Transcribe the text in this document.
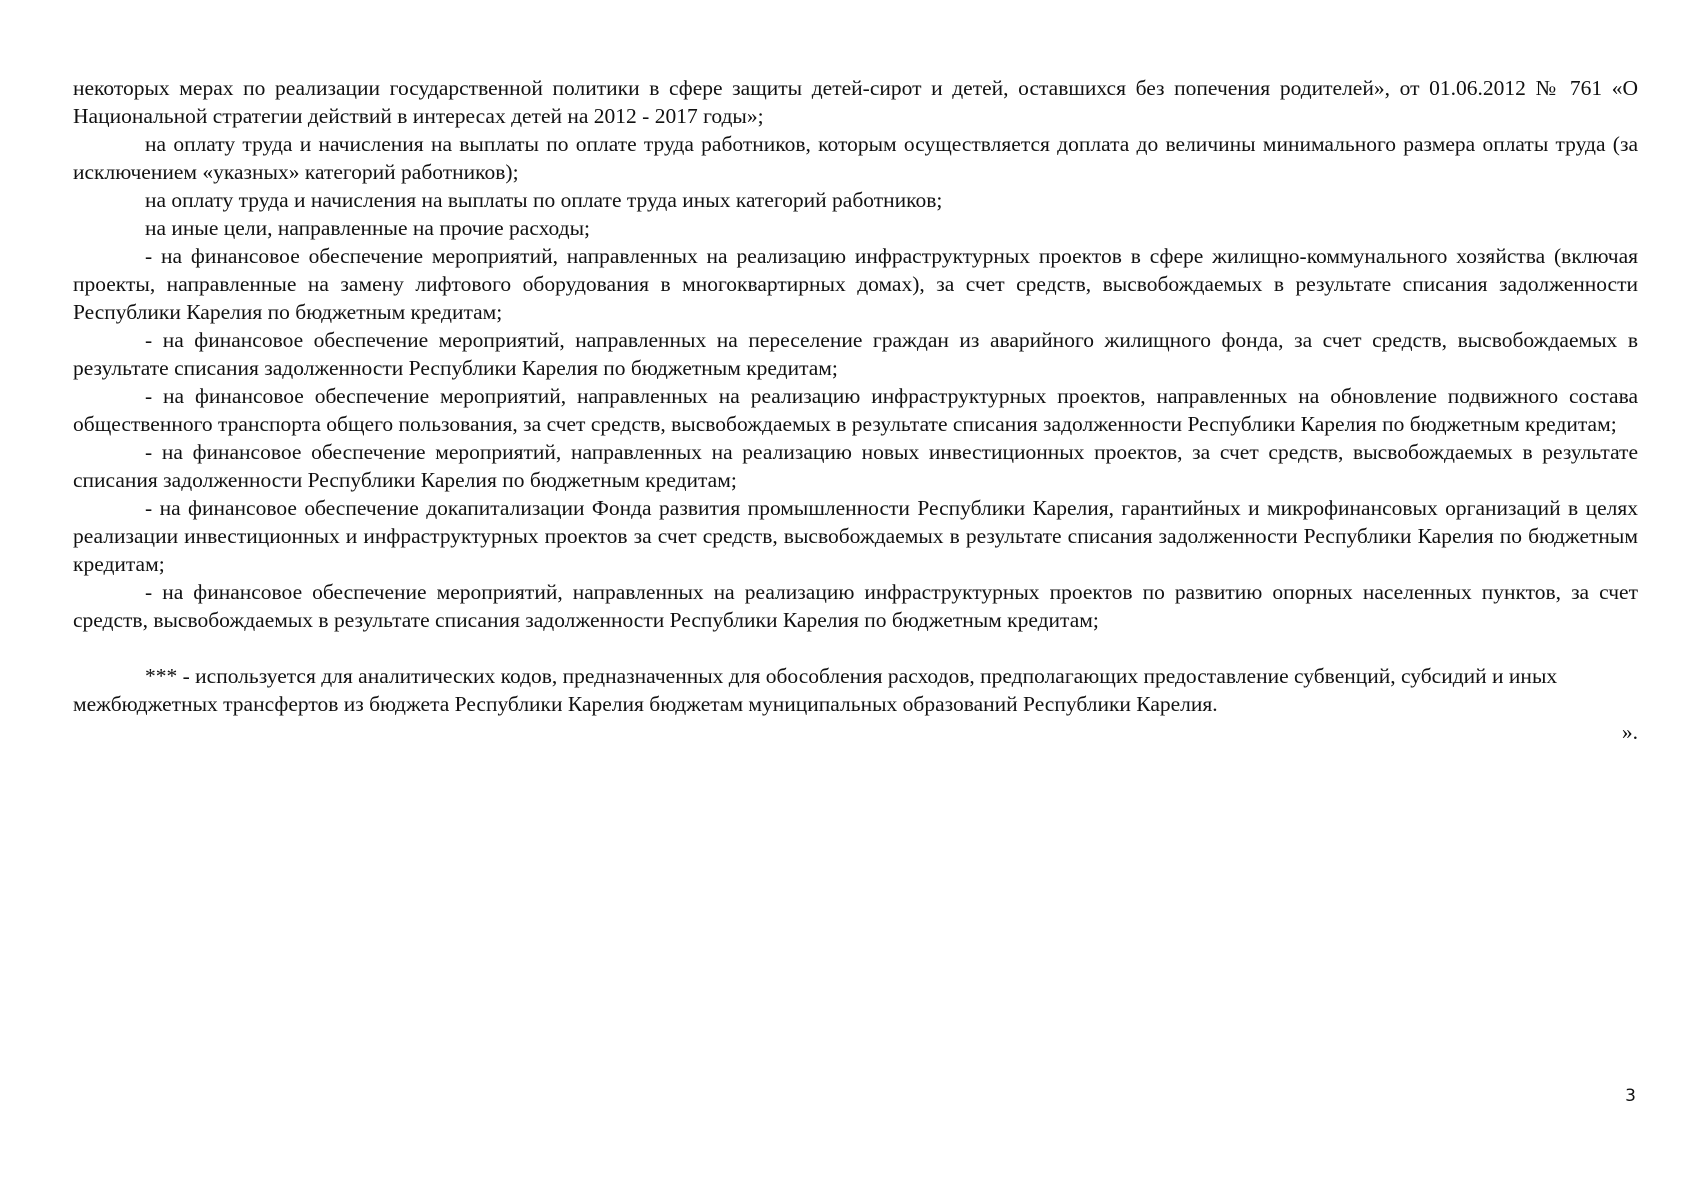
некоторых мерах по реализации государственной политики в сфере защиты детей-сирот и детей, оставшихся без попечения родителей», от 01.06.2012 № 761 «О Национальной стратегии действий в интересах детей на 2012 - 2017 годы»;

на оплату труда и начисления на выплаты по оплате труда работников, которым осуществляется доплата до величины минимального размера оплаты труда (за исключением «указных» категорий работников);

на оплату труда и начисления на выплаты по оплате труда иных категорий работников;

на иные цели, направленные на прочие расходы;

- на финансовое обеспечение мероприятий, направленных на реализацию инфраструктурных проектов в сфере жилищно-коммунального хозяйства (включая проекты, направленные на замену лифтового оборудования в многоквартирных домах), за счет средств, высвобождаемых в результате списания задолженности Республики Карелия по бюджетным кредитам;

- на финансовое обеспечение мероприятий, направленных на переселение граждан из аварийного жилищного фонда, за счет средств, высвобождаемых в результате списания задолженности Республики Карелия по бюджетным кредитам;

- на финансовое обеспечение мероприятий, направленных на реализацию инфраструктурных проектов, направленных на обновление подвижного состава общественного транспорта общего пользования, за счет средств, высвобождаемых в результате списания задолженности Республики Карелия по бюджетным кредитам;

- на финансовое обеспечение мероприятий, направленных на реализацию новых инвестиционных проектов, за счет средств, высвобождаемых в результате списания задолженности Республики Карелия по бюджетным кредитам;

- на финансовое обеспечение докапитализации Фонда развития промышленности Республики Карелия, гарантийных и микрофинансовых организаций в целях реализации инвестиционных и инфраструктурных проектов за счет средств, высвобождаемых в результате списания задолженности Республики Карелия по бюджетным кредитам;

- на финансовое обеспечение мероприятий, направленных на реализацию инфраструктурных проектов по развитию опорных населенных пунктов, за счет средств, высвобождаемых в результате списания задолженности Республики Карелия по бюджетным кредитам;

*** - используется для аналитических кодов, предназначенных для обособления расходов, предполагающих предоставление субвенций, субсидий и иных межбюджетных трансфертов из бюджета Республики Карелия бюджетам муниципальных образований Республики Карелия.

».

3
